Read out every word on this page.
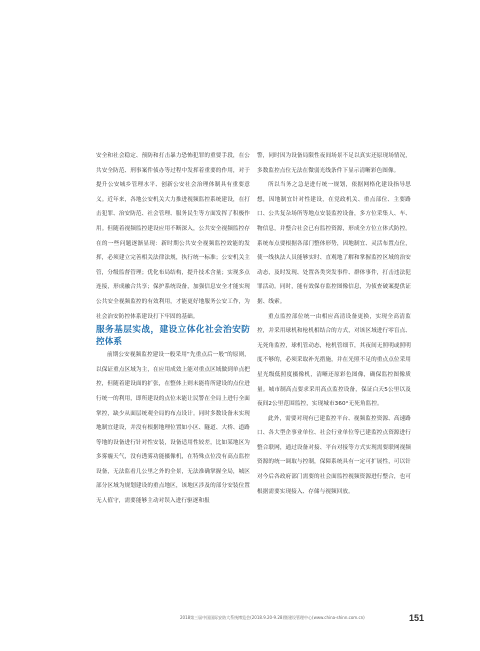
安全和社会稳定、预防和打击暴力恐怖犯罪的重要手段，在公共安全防范、刑事案件侦办等过程中发挥着重要的作用，对于提升公安城乡管理水平、创新公安社会治理体制具有重要意义。近年来，各地公安机关大力推进视频监控系统建设，在打击犯罪、治安防范、社会管理、服务民生等方面发挥了积极作用。但随着视频监控建设应用不断深入，公共安全视频监控存在的一些问题逐渐显现：新时期公共安全视频监控效能的发挥，必须建立完善相关法律法规，执行统一标准；公安机关主管，分级监督管理；优化布局结构，提升技术含量；实现多点连接，形成融合共享；保护系统设备，加强信息安全才能实现公共安全视频监控的有效利用，才能更好地服务公安工作，为社会治安防控体系建设打下牢固的基础。

服务基层实战，建设立体化社会治安防控体系

前期公安视频监控建设一般采用“先重点后一般”的原则，以保证重点区域为主，在应用成效上能对重点区域做到单点把控，但随着建设面的扩张，在整体上则未能将所建设的点位进行统一的利用，即所建设的点位未能让民警在全局上进行全面掌控，缺少从面层统观全局的布点设计。同时多数设备未实现地制宜建设，并没有根据地理位置如小区、隧道、大桥、道路等地的设备进行针对性安装，设备适用性较差，比如某地区为多雾霾天气，没有透雾功能摄像机，在特殊点位没有高点监控设备，无法监看几公里之外的全景，无法准确掌握全局，城区部分区域为规划建设的重点地区，该地区涉及的部分安装位置无人值守，需要能够主动对误入进行驱逐和报

警，同时因为设备局限性夜间场景不足以真实还原现场情况，多数监控点位无法在微弱光线条件下显示清晰彩色图像。

所以当务之急是进行统一规划，依据网格化建设指导思想，因地制宜针对性建设，在党政机关、重点部位、主要路口、公共复杂场所等地点安装监控设备，多方位采集人、车、物信息，并整合社会已有监控资源，形成全方位立体式防控。系统布点要根据各部门整体形势，因地制宜、灵活布置点位，使一线执法人员能够实时、直观地了解和掌握监控区域的治安动态，及时发现、处置各类突发事件、群体事件，打击违法犯罪活动。同时，能有效保存监控图像信息，为侦查破案提供证据、线索。

重点监控部位统一由相应高清设备更换，实现全高清监控，并采用球机和枪机相结合的方式，对该区域进行零盲点、无死角监控，球机管动态，枪机管细节，其夜间无照明或照明度不够的，必须采取补光措施，并在光照不足的重点点位采用星光级低照度摄像机，清晰还原彩色图像，确保监控图像质量。城市制高点要求采用高点监控设备，保证白天5公里以及夜间2公里范围监控，实现城市360°无死角监控。

此外，需要对现有已建监控平台、视频监控资源、高速路口、各大型企事业单位、社会行业单位等已建监控点资源进行整合联网，通过设备对接、平台对接等方式实现需要联网视频资源的统一调取与控制，保障系统具有一定可扩展性，可以针对今后各政府部门需要的社会面监控视频资源进行整合，也可根据需要实现接入、存储与视频回放。

2018第三届中国国际安防大系统博览会(2018.9.20-9.28)暨建设管理中心(www.china-shinn.com.cn)	151
